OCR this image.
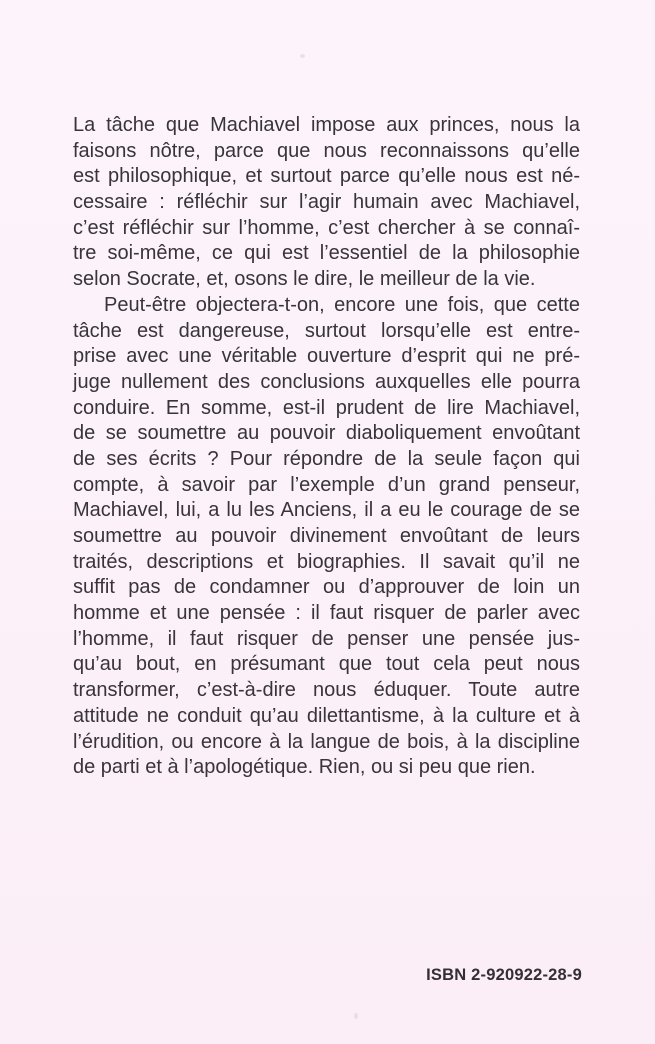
La tâche que Machiavel impose aux princes, nous la
faisons nôtre, parce que nous reconnaissons qu’elle
est philosophique, et surtout parce qu’elle nous est né-
cessaire : réfléchir sur l’agir humain avec Machiavel,
c’est réfléchir sur l’homme, c’est chercher à se connaî-
tre soi-même, ce qui est l’essentiel de la philosophie
selon Socrate, et, osons le dire, le meilleur de la vie.
Peut-être objectera-t-on, encore une fois, que cette
tâche est dangereuse, surtout lorsqu’elle est entre-
prise avec une véritable ouverture d’esprit qui ne pré-
juge nullement des conclusions auxquelles elle pourra
conduire. En somme, est-il prudent de lire Machiavel,
de se soumettre au pouvoir diaboliquement envoûtant
de ses écrits ? Pour répondre de la seule façon qui
compte, à savoir par l’exemple d’un grand penseur,
Machiavel, lui, a lu les Anciens, il a eu le courage de se
soumettre au pouvoir divinement envoûtant de leurs
traités, descriptions et biographies. Il savait qu’il ne
suffit pas de condamner ou d’approuver de loin un
homme et une pensée : il faut risquer de parler avec
l’homme, il faut risquer de penser une pensée jus-
qu’au bout, en présumant que tout cela peut nous
transformer, c’est-à-dire nous éduquer. Toute autre
attitude ne conduit qu’au dilettantisme, à la culture et à
l’érudition, ou encore à la langue de bois, à la discipline
de parti et à l’apologétique. Rien, ou si peu que rien.
ISBN 2-920922-28-9
